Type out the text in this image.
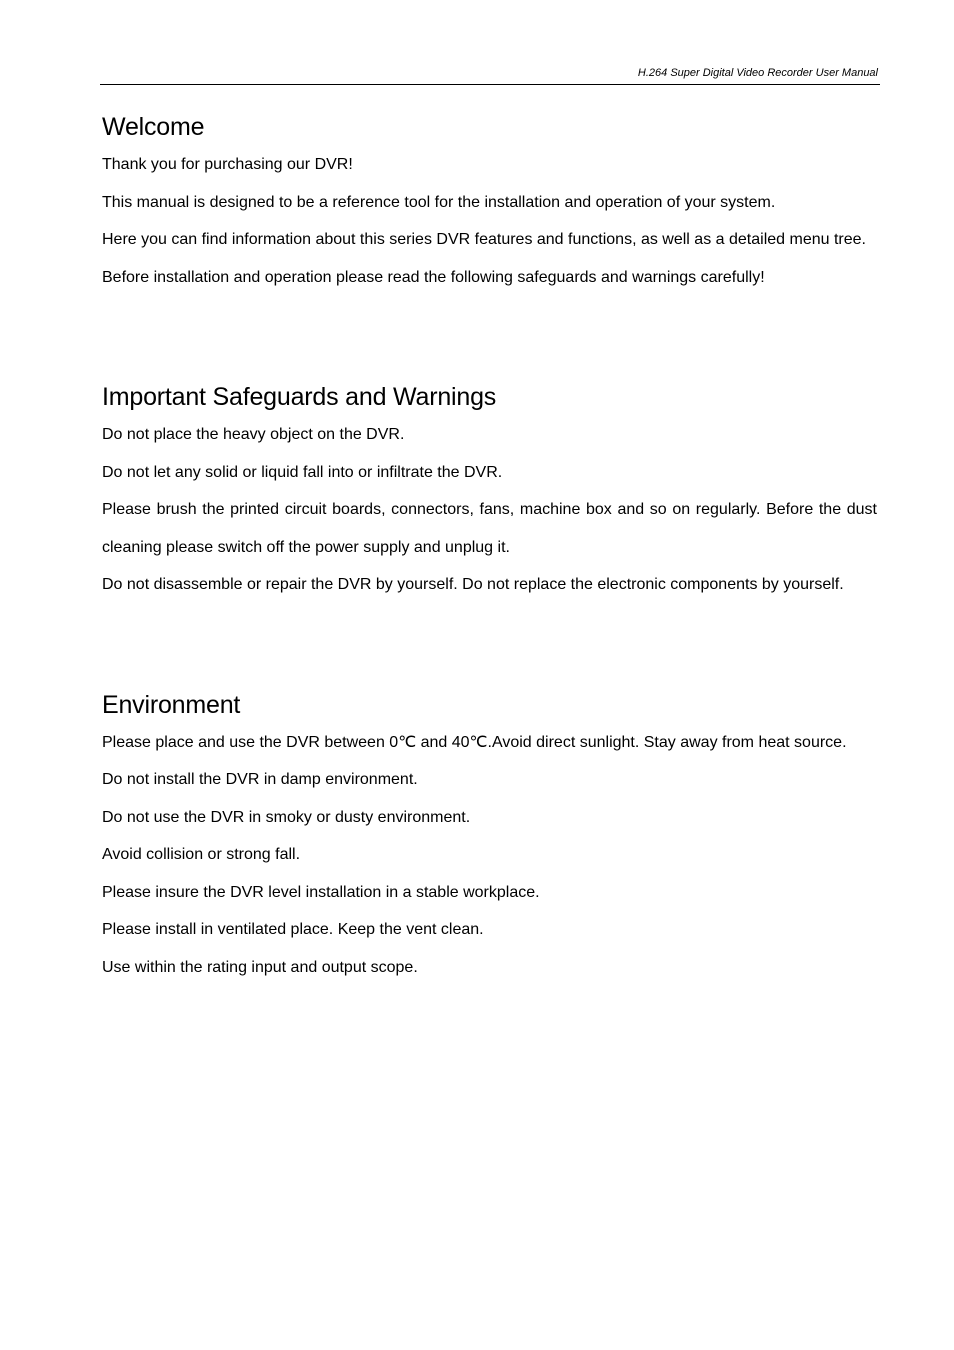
H.264 Super Digital Video Recorder User Manual
Welcome

Thank you for purchasing our DVR!

This manual is designed to be a reference tool for the installation and operation of your system.

Here you can find information about this series DVR features and functions, as well as a detailed menu tree.

Before installation and operation please read the following safeguards and warnings carefully!

Important Safeguards and Warnings

Do not place the heavy object on the DVR.

Do not let any solid or liquid fall into or infiltrate the DVR.

Please brush the printed circuit boards, connectors, fans, machine box and so on regularly. Before the dust cleaning please switch off the power supply and unplug it.

Do not disassemble or repair the DVR by yourself. Do not replace the electronic components by yourself.

Environment

Please place and use the DVR between 0℃ and 40℃.Avoid direct sunlight. Stay away from heat source.

Do not install the DVR in damp environment.

Do not use the DVR in smoky or dusty environment.

Avoid collision or strong fall.

Please insure the DVR level installation in a stable workplace.

Please install in ventilated place. Keep the vent clean.

Use within the rating input and output scope.
